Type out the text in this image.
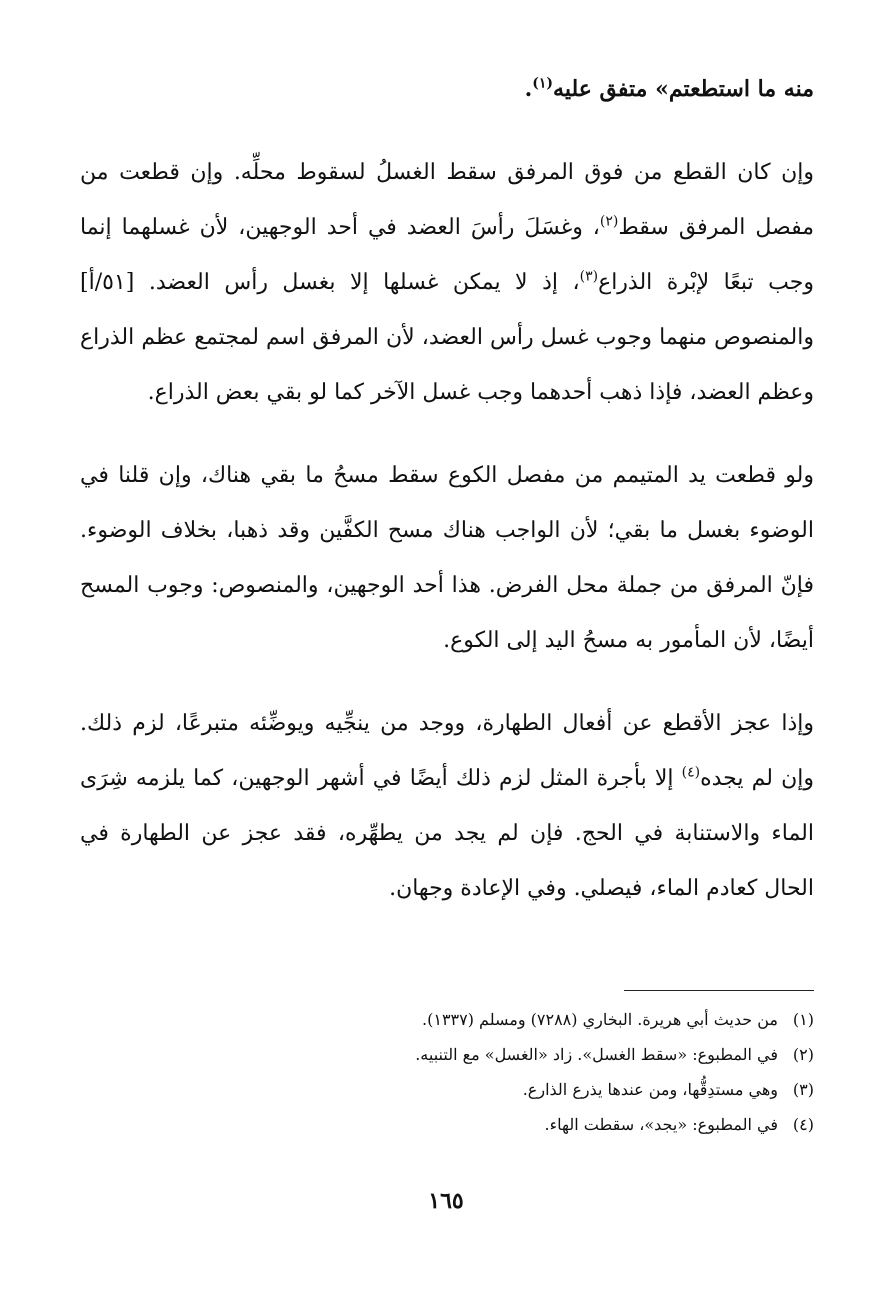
منه ما استطعتم» متفق عليه$^{(١)}$.

وإن كان القطع من فوق المرفق سقط الغسلُ لسقوط محلِّه. وإن قطعت من مفصل المرفق سقط$^{(٢)}$، وغسَلَ رأسَ العضد في أحد الوجهين، لأن غسلهما إنما وجب تبعًا لإبْرة الذراع$^{(٣)}$، إذ لا يمكن غسلها إلا بغسل رأس العضد. [٥١/أ] والمنصوص منهما وجوب غسل رأس العضد، لأن المرفق اسم لمجتمع عظم الذراع وعظم العضد، فإذا ذهب أحدهما وجب غسل الآخر كما لو بقي بعض الذراع.

ولو قطعت يد المتيمم من مفصل الكوع سقط مسحُ ما بقي هناك، وإن قلنا في الوضوء بغسل ما بقي؛ لأن الواجب هناك مسح الكفَّين وقد ذهبا، بخلاف الوضوء. فإنّ المرفق من جملة محل الفرض. هذا أحد الوجهين، والمنصوص: وجوب المسح أيضًا، لأن المأمور به مسحُ اليد إلى الكوع.

وإذا عجز الأقطع عن أفعال الطهارة، ووجد من ينجِّيه ويوضِّئه متبرعًا، لزم ذلك. وإن لم يجده$^{(٤)}$ إلا بأجرة المثل لزم ذلك أيضًا في أشهر الوجهين، كما يلزمه شِرَى الماء والاستنابة في الحج. فإن لم يجد من يطهِّره، فقد عجز عن الطهارة في الحال كعادم الماء، فيصلي. وفي الإعادة وجهان.

(١)من حديث أبي هريرة. البخاري (٧٢٨٨) ومسلم (١٣٣٧).
(٢)في المطبوع: «سقط الغسل». زاد «الغسل» مع التنبيه.
(٣)وهي مستدِقُّها، ومن عندها يذرع الذارع.
(٤)في المطبوع: «يجد»، سقطت الهاء.
١٦٥
